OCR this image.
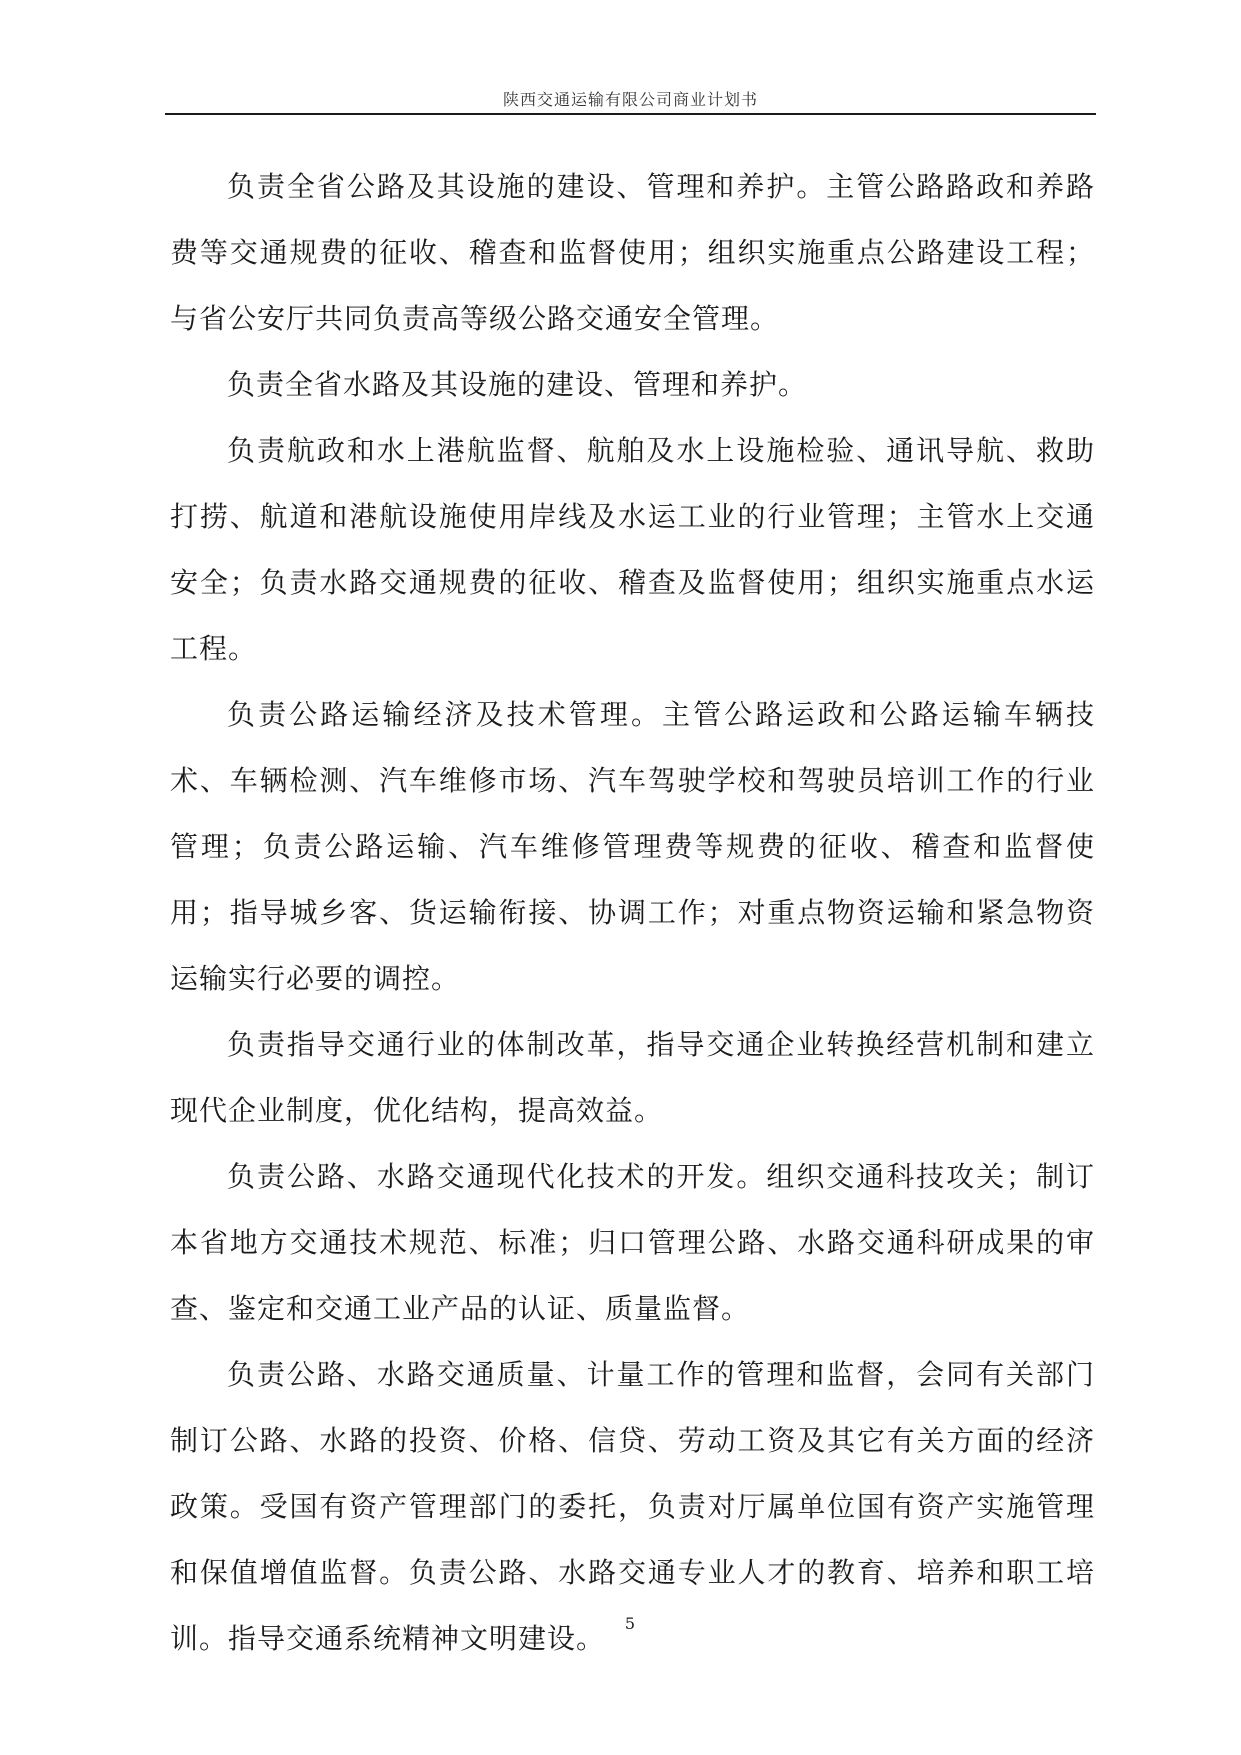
陕西交通运输有限公司商业计划书

负责全省公路及其设施的建设、管理和养护。主管公路路政和养路费等交通规费的征收、稽查和监督使用；组织实施重点公路建设工程；与省公安厅共同负责高等级公路交通安全管理。

负责全省水路及其设施的建设、管理和养护。

负责航政和水上港航监督、航舶及水上设施检验、通讯导航、救助打捞、航道和港航设施使用岸线及水运工业的行业管理；主管水上交通安全；负责水路交通规费的征收、稽查及监督使用；组织实施重点水运工程。

负责公路运输经济及技术管理。主管公路运政和公路运输车辆技术、车辆检测、汽车维修市场、汽车驾驶学校和驾驶员培训工作的行业管理；负责公路运输、汽车维修管理费等规费的征收、稽查和监督使用；指导城乡客、货运输衔接、协调工作；对重点物资运输和紧急物资运输实行必要的调控。

负责指导交通行业的体制改革，指导交通企业转换经营机制和建立现代企业制度，优化结构，提高效益。

负责公路、水路交通现代化技术的开发。组织交通科技攻关；制订本省地方交通技术规范、标准；归口管理公路、水路交通科研成果的审查、鉴定和交通工业产品的认证、质量监督。

负责公路、水路交通质量、计量工作的管理和监督，会同有关部门制订公路、水路的投资、价格、信贷、劳动工资及其它有关方面的经济政策。受国有资产管理部门的委托，负责对厅属单位国有资产实施管理和保值增值监督。负责公路、水路交通专业人才的教育、培养和职工培训。指导交通系统精神文明建设。	5
